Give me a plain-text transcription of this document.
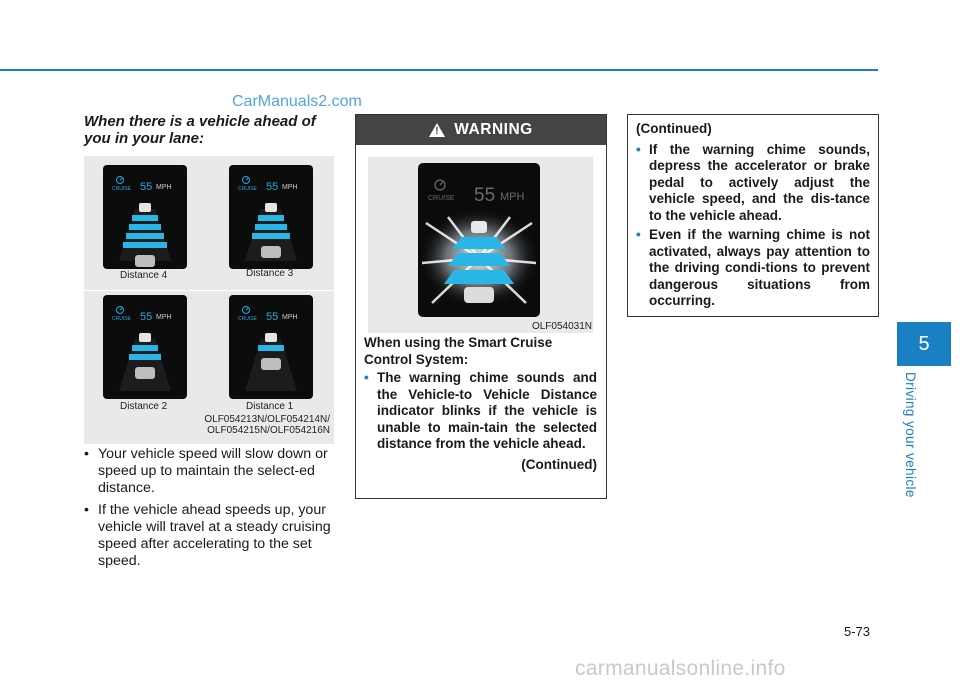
CarManuals2.com
When there is a vehicle ahead of you in your lane:
CRUISE 55 MPH	CRUISE 55 MPH
CRUISE 55 MPH	CRUISE 55 MPH
Distance 4	Distance 3
Distance 2	Distance 1
OLF054213N/OLF054214N/
OLF054215N/OLF054216N
• Your vehicle speed will slow down or speed up to maintain the select-ed distance.
• If the vehicle ahead speeds up, your vehicle will travel at a steady cruising speed after accelerating to the set speed.
! WARNING
CRUISE 55 MPH
OLF054031N

When using the Smart Cruise Control System:

• The warning chime sounds and the Vehicle-to Vehicle Distance indicator blinks if the vehicle is unable to main-tain the selected distance from the vehicle ahead.
(Continued)

(Continued)

• If the warning chime sounds, depress the accelerator or brake pedal to actively adjust the vehicle speed, and the dis-tance to the vehicle ahead.
• Even if the warning chime is not activated, always pay attention to the driving condi-tions to prevent dangerous situations from occurring.
5
Driving your vehicle
5-73
carmanualsonline.info
